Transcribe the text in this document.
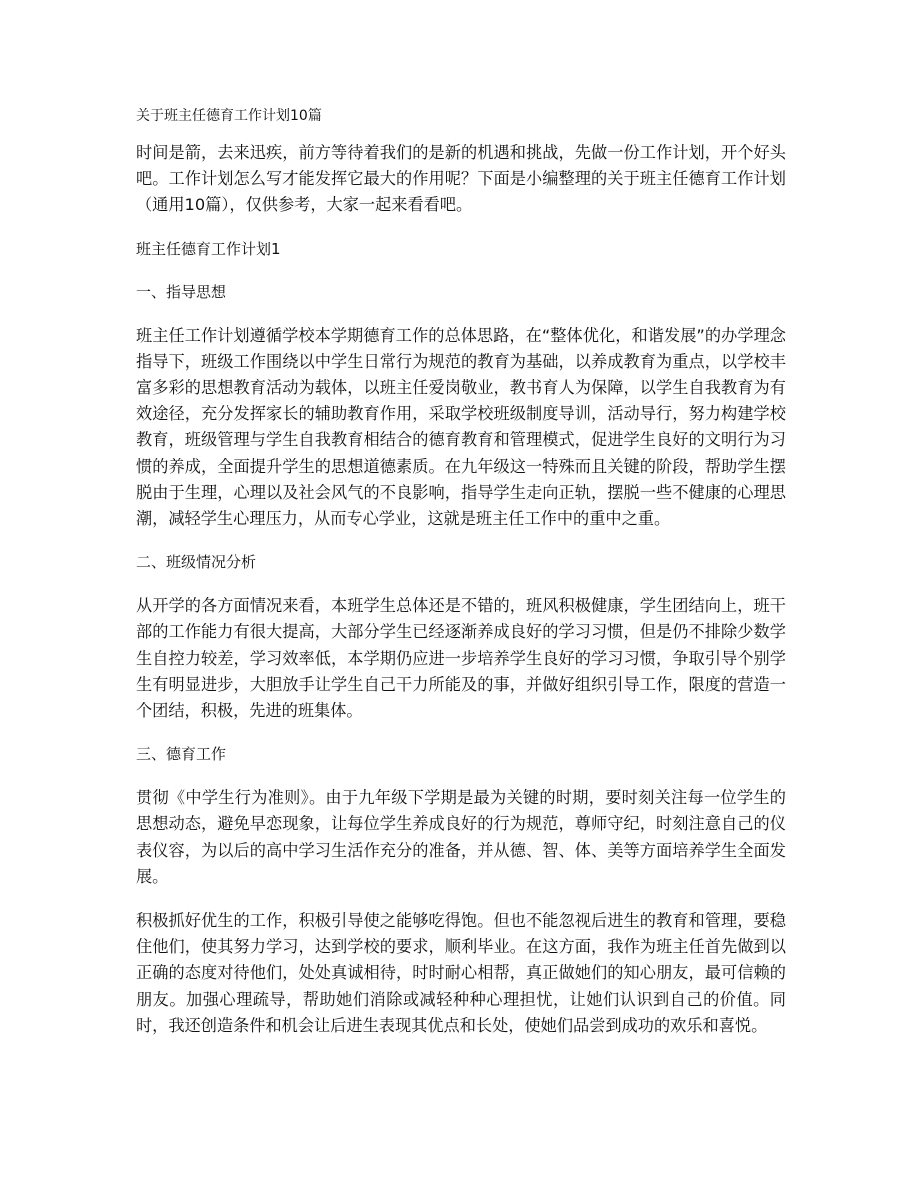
关于班主任德育工作计划10篇

时间是箭，去来迅疾，前方等待着我们的是新的机遇和挑战，先做一份工作计划，开个好头吧。工作计划怎么写才能发挥它最大的作用呢？下面是小编整理的关于班主任德育工作计划（通用10篇），仅供参考，大家一起来看看吧。

班主任德育工作计划1
一、指导思想

班主任工作计划遵循学校本学期德育工作的总体思路，在“整体优化，和谐发展”的办学理念指导下，班级工作围绕以中学生日常行为规范的教育为基础，以养成教育为重点，以学校丰富多彩的思想教育活动为载体，以班主任爱岗敬业，教书育人为保障，以学生自我教育为有效途径，充分发挥家长的辅助教育作用，采取学校班级制度导训，活动导行，努力构建学校教育，班级管理与学生自我教育相结合的德育教育和管理模式，促进学生良好的文明行为习惯的养成，全面提升学生的思想道德素质。在九年级这一特殊而且关键的阶段，帮助学生摆脱由于生理，心理以及社会风气的不良影响，指导学生走向正轨，摆脱一些不健康的心理思潮，减轻学生心理压力，从而专心学业，这就是班主任工作中的重中之重。

二、班级情况分析

从开学的各方面情况来看，本班学生总体还是不错的，班风积极健康，学生团结向上，班干部的工作能力有很大提高，大部分学生已经逐渐养成良好的学习习惯，但是仍不排除少数学生自控力较差，学习效率低，本学期仍应进一步培养学生良好的学习习惯，争取引导个别学生有明显进步，大胆放手让学生自己干力所能及的事，并做好组织引导工作，限度的营造一个团结，积极，先进的班集体。

三、德育工作

贯彻《中学生行为准则》。由于九年级下学期是最为关键的时期，要时刻关注每一位学生的思想动态，避免早恋现象，让每位学生养成良好的行为规范，尊师守纪，时刻注意自己的仪表仪容，为以后的高中学习生活作充分的准备，并从德、智、体、美等方面培养学生全面发展。

积极抓好优生的工作，积极引导使之能够吃得饱。但也不能忽视后进生的教育和管理，要稳住他们，使其努力学习，达到学校的要求，顺利毕业。在这方面，我作为班主任首先做到以正确的态度对待他们，处处真诚相待，时时耐心相帮，真正做她们的知心朋友，最可信赖的朋友。加强心理疏导，帮助她们消除或减轻种种心理担忧，让她们认识到自己的价值。同时，我还创造条件和机会让后进生表现其优点和长处，使她们品尝到成功的欢乐和喜悦。
